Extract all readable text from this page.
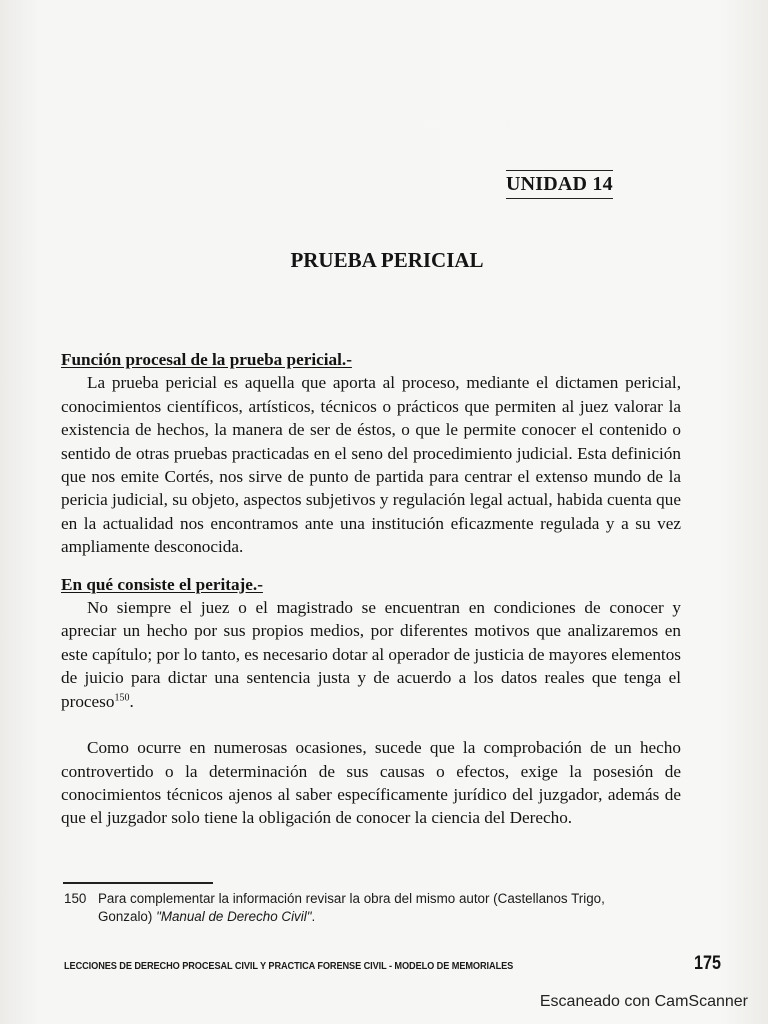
UNIDAD 14
PRUEBA PERICIAL

Función procesal de la prueba pericial.-

La prueba pericial es aquella que aporta al proceso, mediante el dictamen pericial, conocimientos científicos, artísticos, técnicos o prácticos que permiten al juez valorar la existencia de hechos, la manera de ser de éstos, o que le permite conocer el contenido o sentido de otras pruebas practicadas en el seno del procedimiento judicial. Esta definición que nos emite Cortés, nos sirve de punto de partida para centrar el extenso mundo de la pericia judicial, su objeto, aspectos subjetivos y regulación legal actual, habida cuenta que en la actualidad nos encontramos ante una institución eficazmente regulada y a su vez ampliamente desconocida.

En qué consiste el peritaje.-

No siempre el juez o el magistrado se encuentran en condiciones de conocer y apreciar un hecho por sus propios medios, por diferentes motivos que analizaremos en este capítulo; por lo tanto, es necesario dotar al operador de justicia de mayores elementos de juicio para dictar una sentencia justa y de acuerdo a los datos reales que tenga el proceso$^{150}$.

Como ocurre en numerosas ocasiones, sucede que la comprobación de un hecho controvertido o la determinación de sus causas o efectos, exige la posesión de conocimientos técnicos ajenos al saber específicamente jurídico del juzgador, además de que el juzgador solo tiene la obligación de conocer la ciencia del Derecho.

150 Para complementar la información revisar la obra del mismo autor (Castellanos Trigo,
Gonzalo) "Manual de Derecho Civil".
LECCIONES DE DERECHO PROCESAL CIVIL Y PRACTICA FORENSE CIVIL - MODELO DE MEMORIALES	175
Escaneado con CamScanner
